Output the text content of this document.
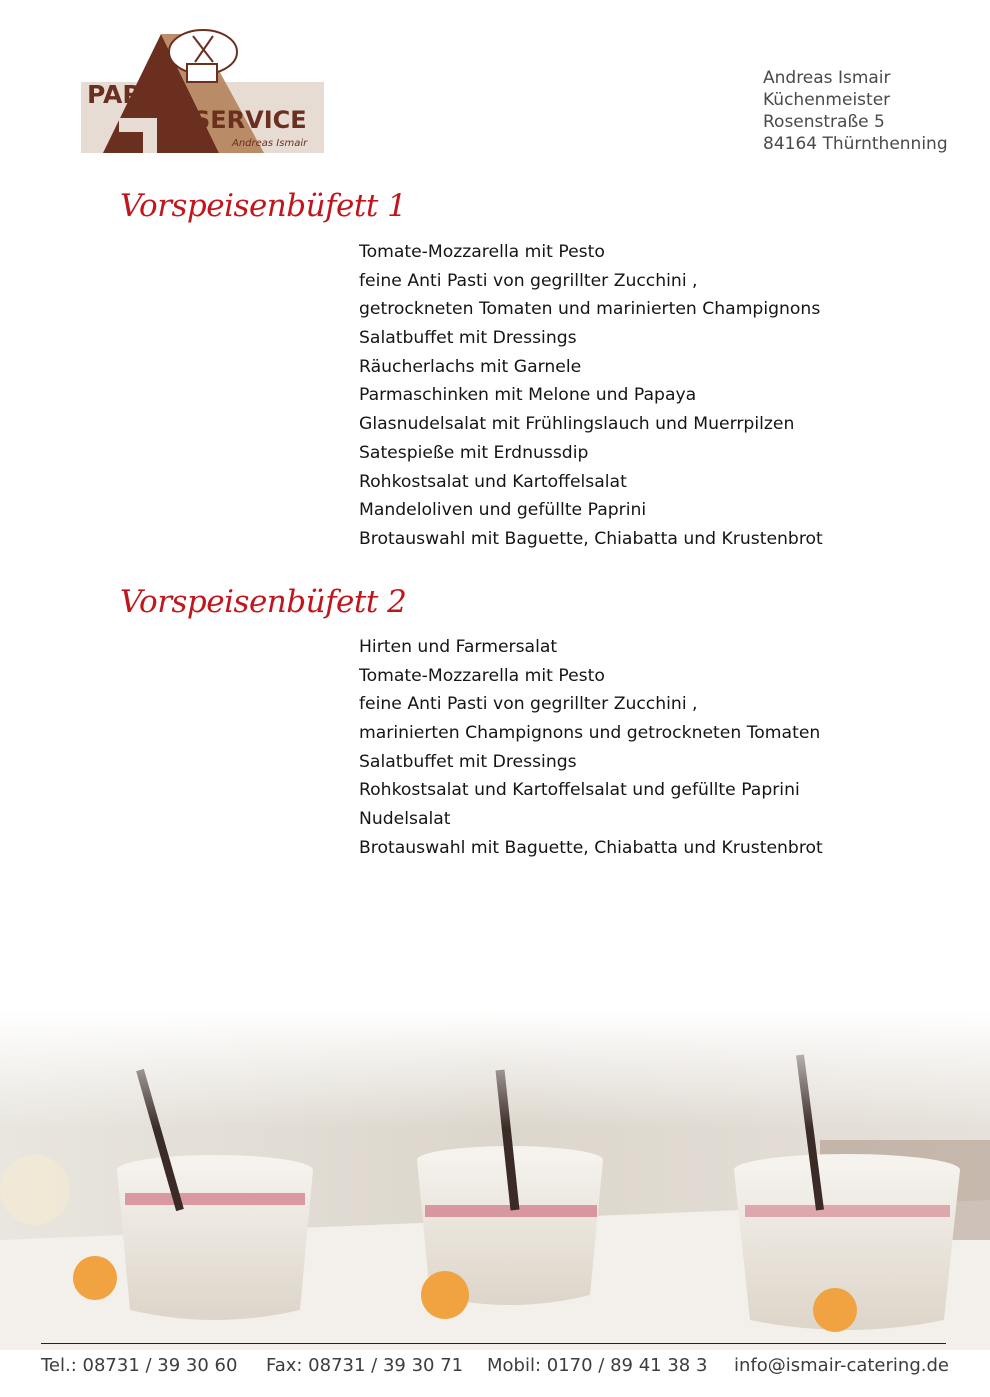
PARTY
SERVICE
Andreas Ismair
Andreas Ismair
Küchenmeister
Rosenstraße 5
84164 Thürnthenning
Vorspeisenbüfett 1
Tomate-Mozzarella mit Pesto
feine Anti Pasti von gegrillter Zucchini ,
getrockneten Tomaten und marinierten Champignons
Salatbuffet mit Dressings
Räucherlachs mit Garnele
Parmaschinken mit Melone und Papaya
Glasnudelsalat mit Frühlingslauch und Muerrpilzen
Satespieße mit Erdnussdip
Rohkostsalat und Kartoffelsalat
Mandeloliven und gefüllte Paprini
Brotauswahl mit Baguette, Chiabatta und Krustenbrot
Vorspeisenbüfett 2
Hirten und Farmersalat
Tomate-Mozzarella mit Pesto
feine Anti Pasti von gegrillter Zucchini ,
marinierten Champignons und getrockneten Tomaten
Salatbuffet mit Dressings
Rohkostsalat und Kartoffelsalat und gefüllte Paprini
Nudelsalat
Brotauswahl mit Baguette, Chiabatta und Krustenbrot
Tel.: 08731 / 39 30 60 Fax: 08731 / 39 30 71 Mobil: 0170 / 89 41 38 3 info@ismair-catering.de
